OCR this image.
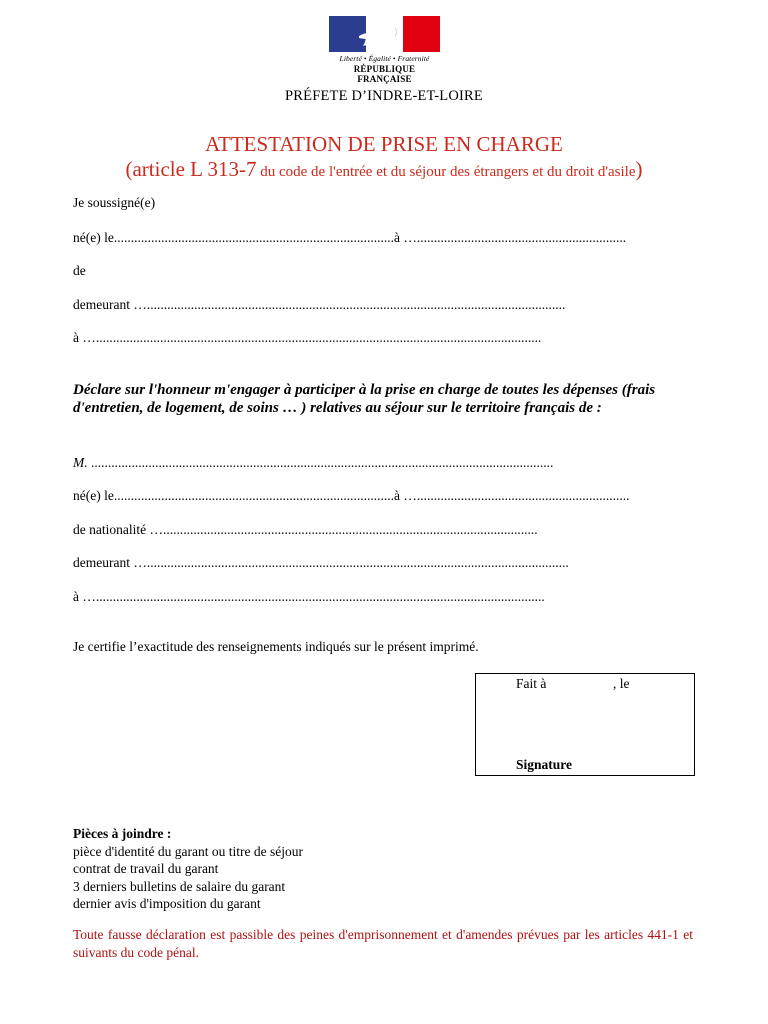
Liberté • Égalité • Fraternité
RÉPUBLIQUE FRANÇAISE
PRÉFETE D’INDRE-ET-LOIRE
ATTESTATION DE PRISE EN CHARGE
(article L 313-7 du code de l'entrée et du séjour des étrangers et du droit d'asile)
Je soussigné(e)
né(e) le...................................................................................à …..............................................................
de
demeurant …............................................................................................................................
à …....................................................................................................................................
Déclare sur l'honneur m'engager à participer à la prise en charge de toutes les dépenses (frais d'entretien, de logement, de soins … ) relatives au séjour sur le territoire français de :
M. .........................................................................................................................................
né(e) le...................................................................................à …...............................................................
de nationalité …...............................................................................................................
demeurant ….............................................................................................................................
à ….....................................................................................................................................
Je certifie l’exactitude des renseignements indiqués sur le présent imprimé.
Fait à	, le
Signature
Pièces à joindre :
pièce d'identité du garant ou titre de séjour
contrat de travail du garant
3 derniers bulletins de salaire du garant
dernier avis d'imposition du garant
Toute fausse déclaration est passible des peines d'emprisonnement et d'amendes prévues par les articles 441-1 et suivants du code pénal.
